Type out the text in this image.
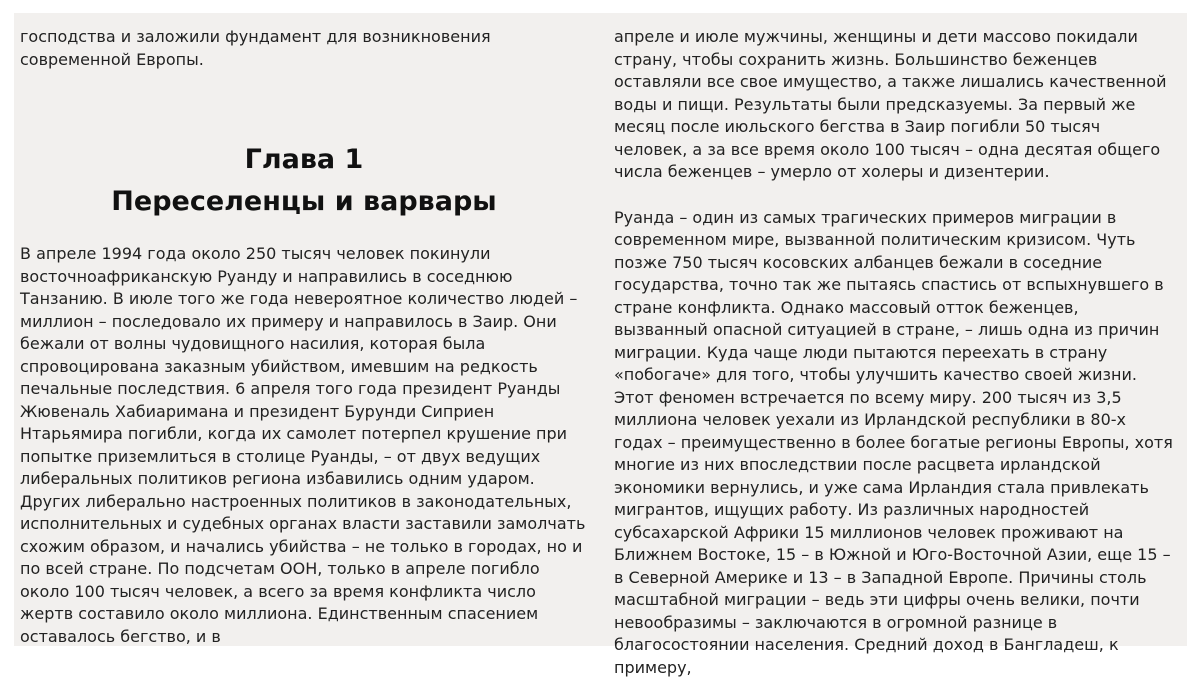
господства и заложили фундамент для возникновения современной Европы.

Глава 1
Переселенцы и варвары

В апреле 1994 года около 250 тысяч человек покинули восточноафриканскую Руанду и направились в соседнюю Танзанию. В июле того же года невероятное количество людей – миллион – последовало их примеру и направилось в Заир. Они бежали от волны чудовищного насилия, которая была спровоцирована заказным убийством, имевшим на редкость печальные последствия. 6 апреля того года президент Руанды Жювеналь Хабиаримана и президент Бурунди Сиприен Нтарьямира погибли, когда их самолет потерпел крушение при попытке приземлиться в столице Руанды, – от двух ведущих либеральных политиков региона избавились одним ударом. Других либерально настроенных политиков в законодательных, исполнительных и судебных органах власти заставили замолчать схожим образом, и начались убийства – не только в городах, но и по всей стране. По подсчетам ООН, только в апреле погибло около 100 тысяч человек, а всего за время конфликта число жертв составило около миллиона. Единственным спасением оставалось бегство, и в

апреле и июле мужчины, женщины и дети массово покидали страну, чтобы сохранить жизнь. Большинство беженцев оставляли все свое имущество, а также лишались качественной воды и пищи. Результаты были предсказуемы. За первый же месяц после июльского бегства в Заир погибли 50 тысяч человек, а за все время около 100 тысяч – одна десятая общего числа беженцев – умерло от холеры и дизентерии.

Руанда – один из самых трагических примеров миграции в современном мире, вызванной политическим кризисом. Чуть позже 750 тысяч косовских албанцев бежали в соседние государства, точно так же пытаясь спастись от вспыхнувшего в стране конфликта. Однако массовый отток беженцев, вызванный опасной ситуацией в стране, – лишь одна из причин миграции. Куда чаще люди пытаются переехать в страну «побогаче» для того, чтобы улучшить качество своей жизни. Этот феномен встречается по всему миру. 200 тысяч из 3,5 миллиона человек уехали из Ирландской республики в 80-х годах – преимущественно в более богатые регионы Европы, хотя многие из них впоследствии после расцвета ирландской экономики вернулись, и уже сама Ирландия стала привлекать мигрантов, ищущих работу. Из различных народностей субсахарской Африки 15 миллионов человек проживают на Ближнем Востоке, 15 – в Южной и Юго-Восточной Азии, еще 15 – в Северной Америке и 13 – в Западной Европе. Причины столь масштабной миграции – ведь эти цифры очень велики, почти невообразимы – заключаются в огромной разнице в благосостоянии населения. Средний доход в Бангладеш, к примеру,
